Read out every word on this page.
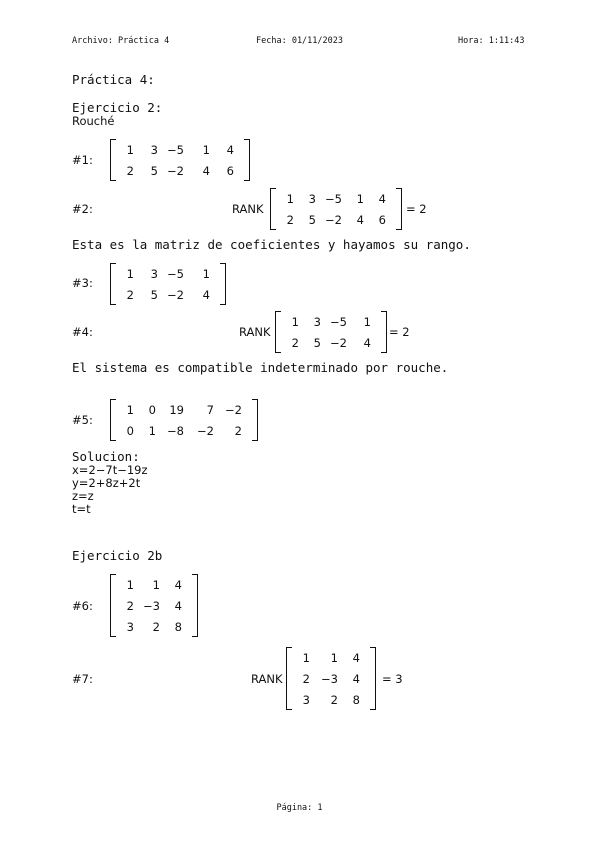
Archivo: Práctica 4	Fecha: 01/11/2023	Hora: 1:11:43
Práctica 4:
Ejercicio 2:
Rouché
#1:
1	3	−5	1	4	
2	5	−2	4	6	
#2:	RANK
1	3	−5	1	4	
2	5	−2	4	6	
= 2
Esta es la matriz de coeficientes y hayamos su rango.
#3:
1	3	−5	1	
2	5	−2	4	
#4:	RANK
1	3	−5	1	
2	5	−2	4	
= 2
El sistema es compatible indeterminado por rouche.
#5:
1	0	19	7	−2	
0	1	−8	−2	2	
Solucion:
x=2−7t−19z
y=2+8z+2t
z=z
t=t
Ejercicio 2b
#6:
1	1	4	
2	−3	4	
3	2	8	
#7:	RANK
1	1	4	
2	−3	4	
3	2	8	
= 3
Página: 1
